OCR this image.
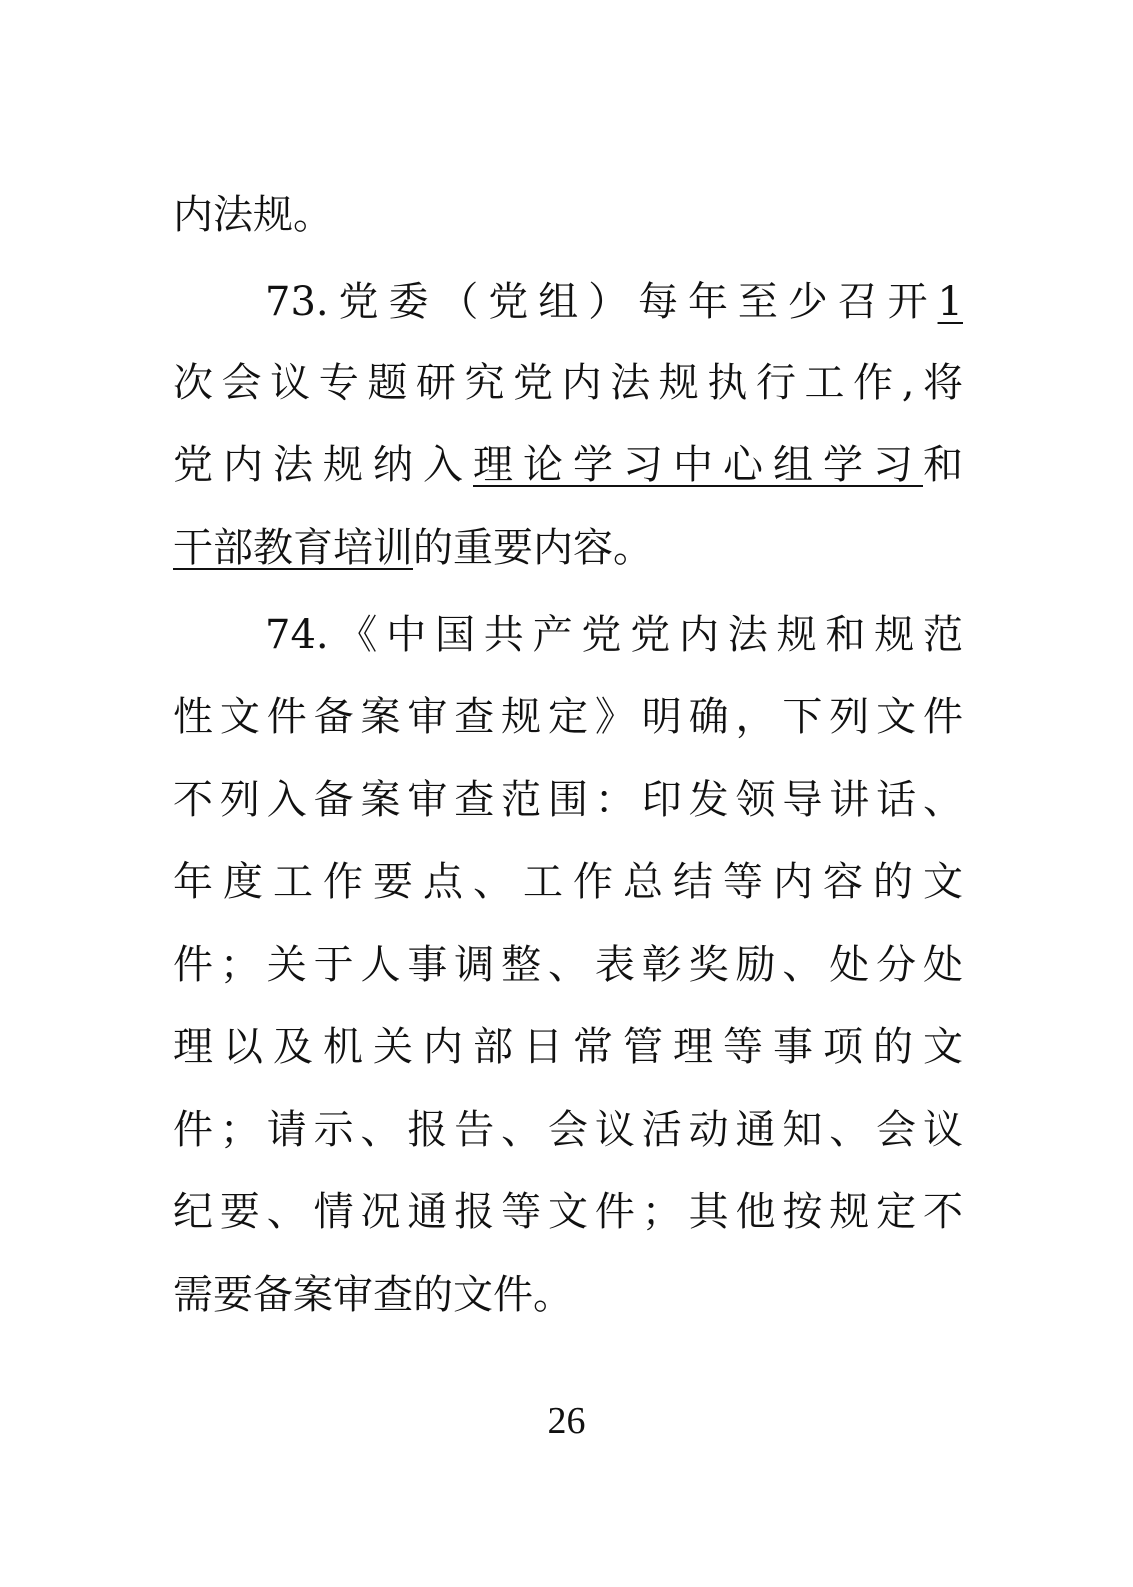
内法规。
73.党委（党组）每年至少召开1
次会议专题研究党内法规执行工作,将
党内法规纳入理论学习中心组学习和
干部教育培训的重要内容。
74.《中国共产党党内法规和规范
性文件备案审查规定》明确，下列文件
不列入备案审查范围：印发领导讲话、
年度工作要点、工作总结等内容的文
件；关于人事调整、表彰奖励、处分处
理以及机关内部日常管理等事项的文
件；请示、报告、会议活动通知、会议
纪要、情况通报等文件；其他按规定不
需要备案审查的文件。
26
